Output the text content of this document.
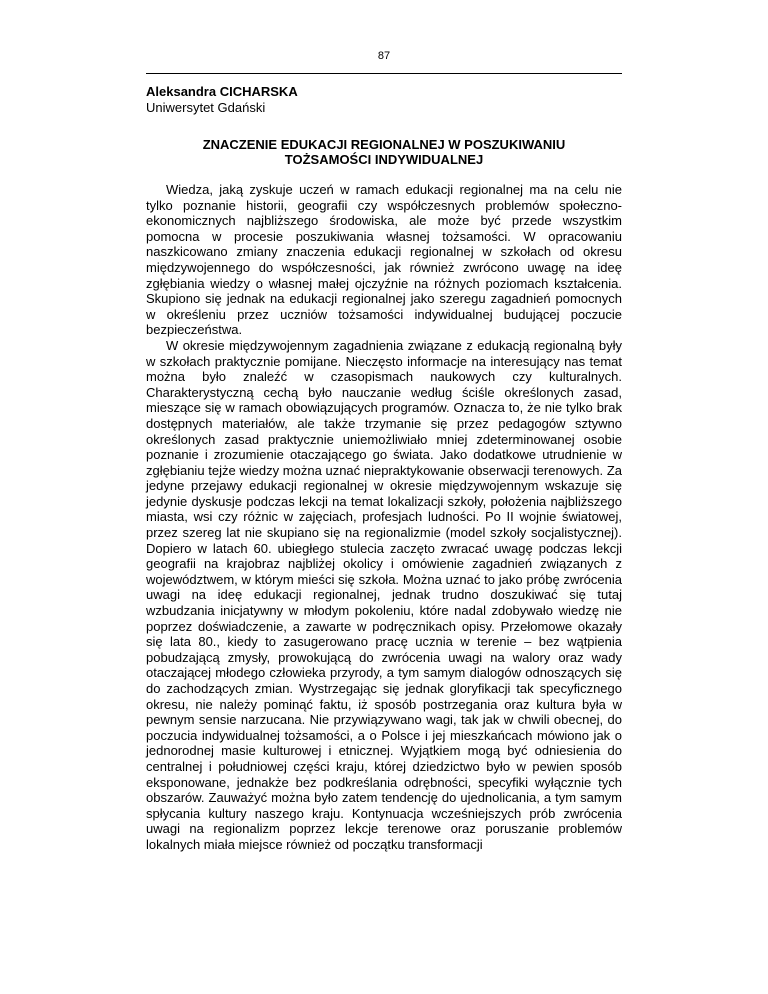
87
Aleksandra CICHARSKA
Uniwersytet Gdański
ZNACZENIE EDUKACJI REGIONALNEJ W POSZUKIWANIU
TOŻSAMOŚCI INDYWIDUALNEJ

Wiedza, jaką zyskuje uczeń w ramach edukacji regionalnej ma na celu nie tylko poznanie historii, geografii czy współczesnych problemów społeczno-ekonomicznych najbliższego środowiska, ale może być przede wszystkim pomocna w procesie poszukiwania własnej tożsamości. W opracowaniu naszkicowano zmiany znaczenia edukacji regionalnej w szkołach od okresu międzywojennego do współczesności, jak również zwrócono uwagę na ideę zgłębiania wiedzy o własnej małej ojczyźnie na różnych poziomach kształcenia. Skupiono się jednak na edukacji regionalnej jako szeregu zagadnień pomocnych w określeniu przez uczniów tożsamości indywidualnej budującej poczucie bezpieczeństwa.

W okresie międzywojennym zagadnienia związane z edukacją regionalną były w szkołach praktycznie pomijane. Nieczęsto informacje na interesujący nas temat można było znaleźć w czasopismach naukowych czy kulturalnych. Charakterystyczną cechą było nauczanie według ściśle określonych zasad, mieszące się w ramach obowiązujących programów. Oznacza to, że nie tylko brak dostępnych materiałów, ale także trzymanie się przez pedagogów sztywno określonych zasad praktycznie uniemożliwiało mniej zdeterminowanej osobie poznanie i zrozumienie otaczającego go świata. Jako dodatkowe utrudnienie w zgłębianiu tejże wiedzy można uznać niepraktykowanie obserwacji terenowych. Za jedyne przejawy edukacji regionalnej w okresie międzywojennym wskazuje się jedynie dyskusje podczas lekcji na temat lokalizacji szkoły, położenia najbliższego miasta, wsi czy różnic w zajęciach, profesjach ludności. Po II wojnie światowej, przez szereg lat nie skupiano się na regionalizmie (model szkoły socjalistycznej). Dopiero w latach 60. ubiegłego stulecia zaczęto zwracać uwagę podczas lekcji geografii na krajobraz najbliżej okolicy i omówienie zagadnień związanych z województwem, w którym mieści się szkoła. Można uznać to jako próbę zwrócenia uwagi na ideę edukacji regionalnej, jednak trudno doszukiwać się tutaj wzbudzania inicjatywny w młodym pokoleniu, które nadal zdobywało wiedzę nie poprzez doświadczenie, a zawarte w podręcznikach opisy. Przełomowe okazały się lata 80., kiedy to zasugerowano pracę ucznia w terenie – bez wątpienia pobudzającą zmysły, prowokującą do zwrócenia uwagi na walory oraz wady otaczającej młodego człowieka przyrody, a tym samym dialogów odnoszących się do zachodzących zmian. Wystrzegając się jednak gloryfikacji tak specyficznego okresu, nie należy pominąć faktu, iż sposób postrzegania oraz kultura była w pewnym sensie narzucana. Nie przywiązywano wagi, tak jak w chwili obecnej, do poczucia indywidualnej tożsamości, a o Polsce i jej mieszkańcach mówiono jak o jednorodnej masie kulturowej i etnicznej. Wyjątkiem mogą być odniesienia do centralnej i południowej części kraju, której dziedzictwo było w pewien sposób eksponowane, jednakże bez podkreślania odrębności, specyfiki wyłącznie tych obszarów. Zauważyć można było zatem tendencję do ujednolicania, a tym samym spłycania kultury naszego kraju. Kontynuacja wcześniejszych prób zwrócenia uwagi na regionalizm poprzez lekcje terenowe oraz poruszanie problemów lokalnych miała miejsce również od początku transformacji
